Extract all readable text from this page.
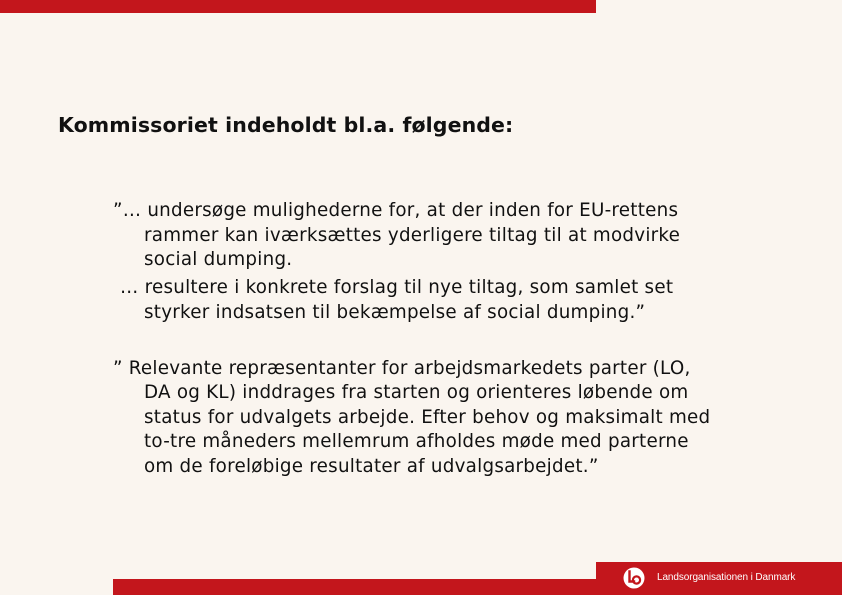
Kommissoriet indeholdt bl.a. følgende:
”… undersøge mulighederne for, at der inden for EU-rettens
rammer kan iværksættes yderligere tiltag til at modvirke
social dumping.
… resultere i konkrete forslag til nye tiltag, som samlet set
styrker indsatsen til bekæmpelse af social dumping.”
” Relevante repræsentanter for arbejdsmarkedets parter (LO,
DA og KL) inddrages fra starten og orienteres løbende om
status for udvalgets arbejde. Efter behov og maksimalt med
to-tre måneders mellemrum afholdes møde med parterne
om de foreløbige resultater af udvalgsarbejdet.”
Landsorganisationen i Danmark
